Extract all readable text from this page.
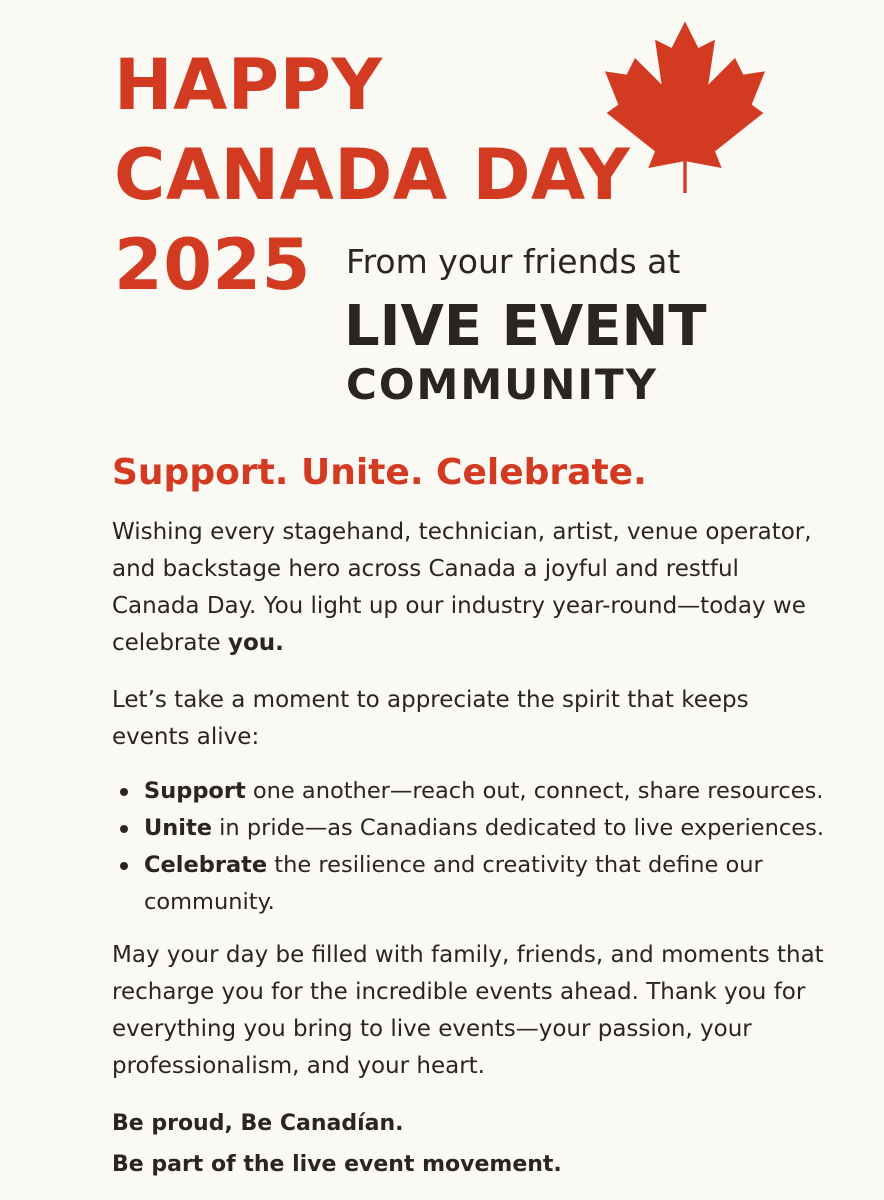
HAPPY
CANADA DAY
2025 From your friends at
LIVE EVENT
COMMUNITY
Support. Unite. Celebrate.

Wishing every stagehand, technician, artist, venue operator, and backstage hero across Canada a joyful and restful Canada Day. You light up our industry year-round—today we celebrate you.

Let’s take a moment to appreciate the spirit that keeps events alive:

Support one another—reach out, connect, share resources.
Unite in pride—as Canadians dedicated to live experiences.
Celebrate the resilience and creativity that define our community.

May your day be filled with family, friends, and moments that recharge you for the incredible events ahead. Thank you for everything you bring to live events—your passion, your professionalism, and your heart.

Be proud, Be Canadían.

Be part of the live event movement.
